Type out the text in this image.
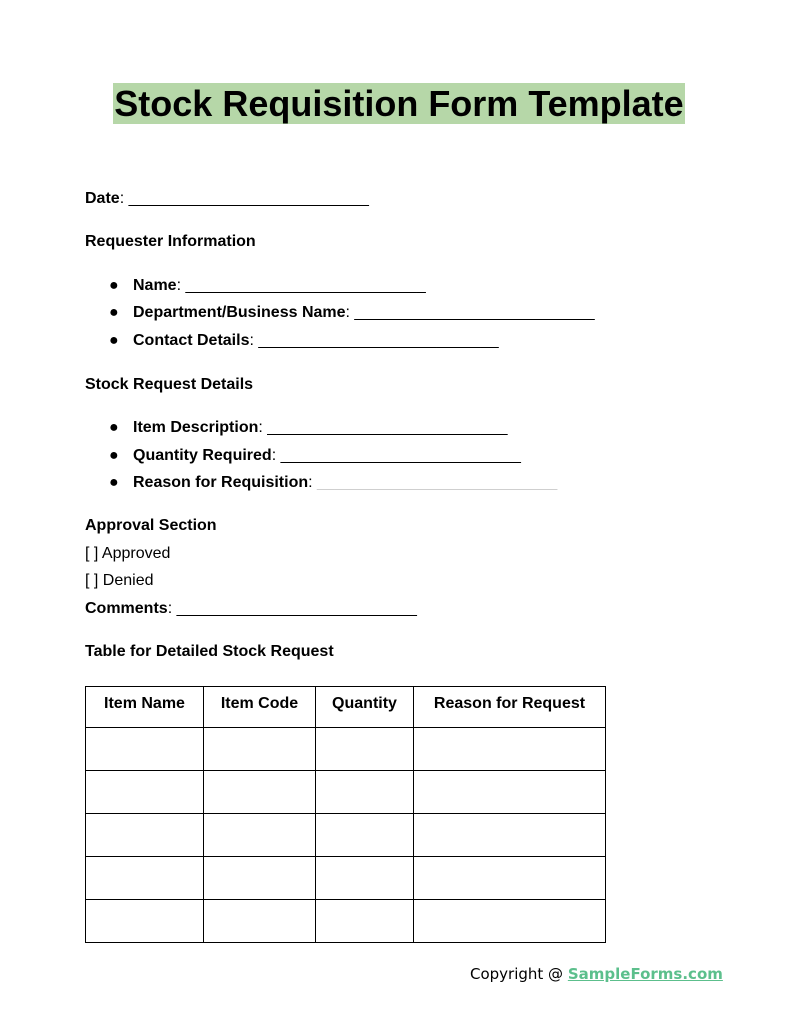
Stock Requisition Form Template
Date: ___________________________
Requester Information
● Name: ___________________________
● Department/Business Name: ___________________________
● Contact Details: ___________________________
Stock Request Details
● Item Description: ___________________________
● Quantity Required: ___________________________
● Reason for Requisition: ___________________________
Approval Section
[ ] Approved
[ ] Denied
Comments: ___________________________
Table for Detailed Stock Request
Item Name	Item Code	Quantity	Reason for Request

Copyright @ SampleForms.com
